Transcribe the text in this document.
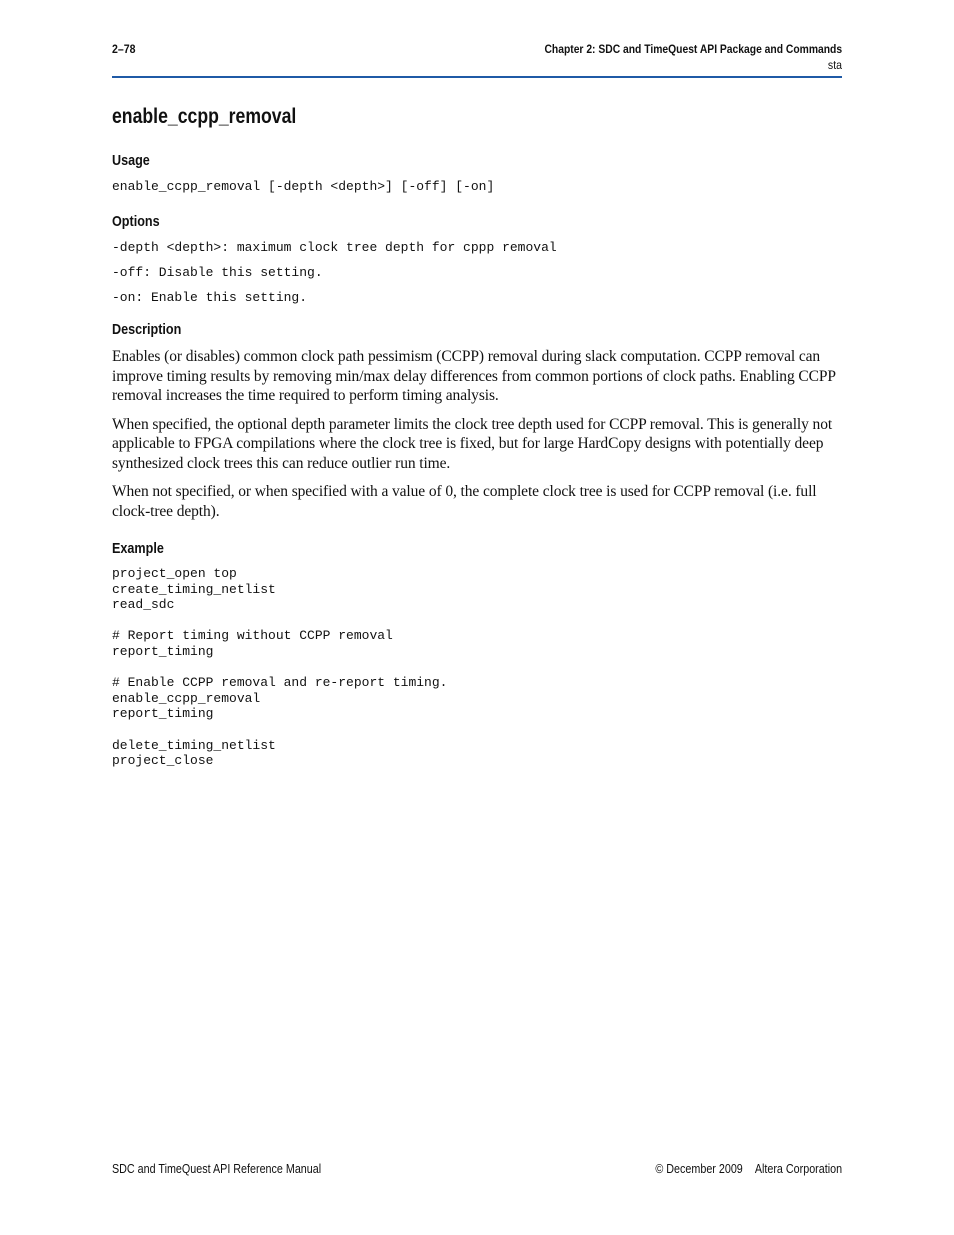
2–78	Chapter 2: SDC and TimeQuest API Package and Commands
sta
enable_ccpp_removal
Usage
enable_ccpp_removal [-depth <depth>] [-off] [-on]
Options
-depth <depth>: maximum clock tree depth for cppp removal
-off: Disable this setting.
-on: Enable this setting.
Description

Enables (or disables) common clock path pessimism (CCPP) removal during slack computation. CCPP removal can improve timing results by removing min/max delay differences from common portions of clock paths. Enabling CCPP removal increases the time required to perform timing analysis.

When specified, the optional depth parameter limits the clock tree depth used for CCPP removal. This is generally not applicable to FPGA compilations where the clock tree is fixed, but for large HardCopy designs with potentially deep synthesized clock trees this can reduce outlier run time.

When not specified, or when specified with a value of 0, the complete clock tree is used for CCPP removal (i.e. full clock-tree depth).

Example
project_open top
create_timing_netlist
read_sdc
# Report timing without CCPP removal
report_timing
# Enable CCPP removal and re-report timing.
enable_ccpp_removal
report_timing
delete_timing_netlist
project_close
SDC and TimeQuest API Reference Manual	© December 2009 Altera Corporation
